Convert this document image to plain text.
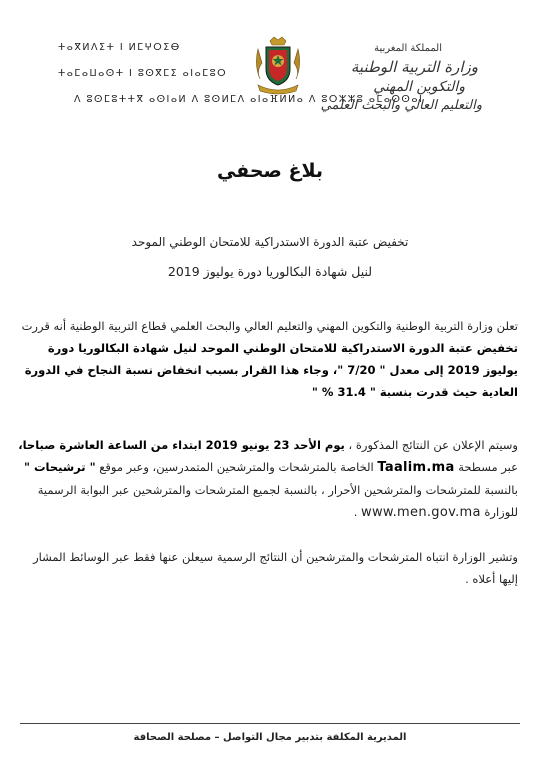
ⵜⴰⴳⵍⴷⵉⵜ ⵏ ⵍⵎⵖⵔⵉⴱ
ⵜⴰⵎⴰⵡⴰⵙⵜ ⵏ ⵓⵙⴳⵎⵉ ⴰⵏⴰⵎⵓⵔ
ⴷ ⵓⵙⵎⵓⵜⵜⴳ ⴰⵙⵏⴰⵍ ⴷ ⵓⵙⵍⵎⴷ ⴰⵏⴰⴼⵍⵍⴰ ⴷ ⵓⵔⵣⵣⵓ ⴰⵎⴰⵙⵙⴰⵏ
المملكة المغربية
وزارة التربية الوطنية
والتكوين المهني
والتعليم العالي والبحث العلمي
بلاغ صحفي
تخفيض عتبة الدورة الاستدراكية للامتحان الوطني الموحد
لنيل شهادة البكالوريا دورة يوليوز 2019
تعلن وزارة التربية الوطنية والتكوين المهني والتعليم العالي والبحث العلمي قطاع التربية الوطنية أنه قررت تخفيض عتبة الدورة الاستدراكية للامتحان الوطني الموحد لنيل شهادة البكالوريا دورة يوليوز 2019 إلى معدل " 7/20 "، وجاء هذا القرار بسبب انخفاض نسبة النجاح في الدورة العادية حيث قدرت بنسبة " 31.4 % "
وسيتم الإعلان عن النتائج المذكورة ، يوم الأحد 23 يونيو 2019 ابتداء من الساعة العاشرة صباحا، عبر مسطحة Taalim.ma الخاصة بالمترشحات والمترشحين المتمدرسين، وعبر موقع " ترشيحات " بالنسبة للمترشحات والمترشحين الأحرار ، بالنسبة لجميع المترشحات والمترشحين عبر البوابة الرسمية للوزارة www.men.gov.ma .
وتشير الوزارة انتباه المترشحات والمترشحين أن النتائج الرسمية سيعلن عنها فقط عبر الوسائط المشار إليها أعلاه .
المديرية المكلفة بتدبير مجال التواصل – مصلحة الصحافة
